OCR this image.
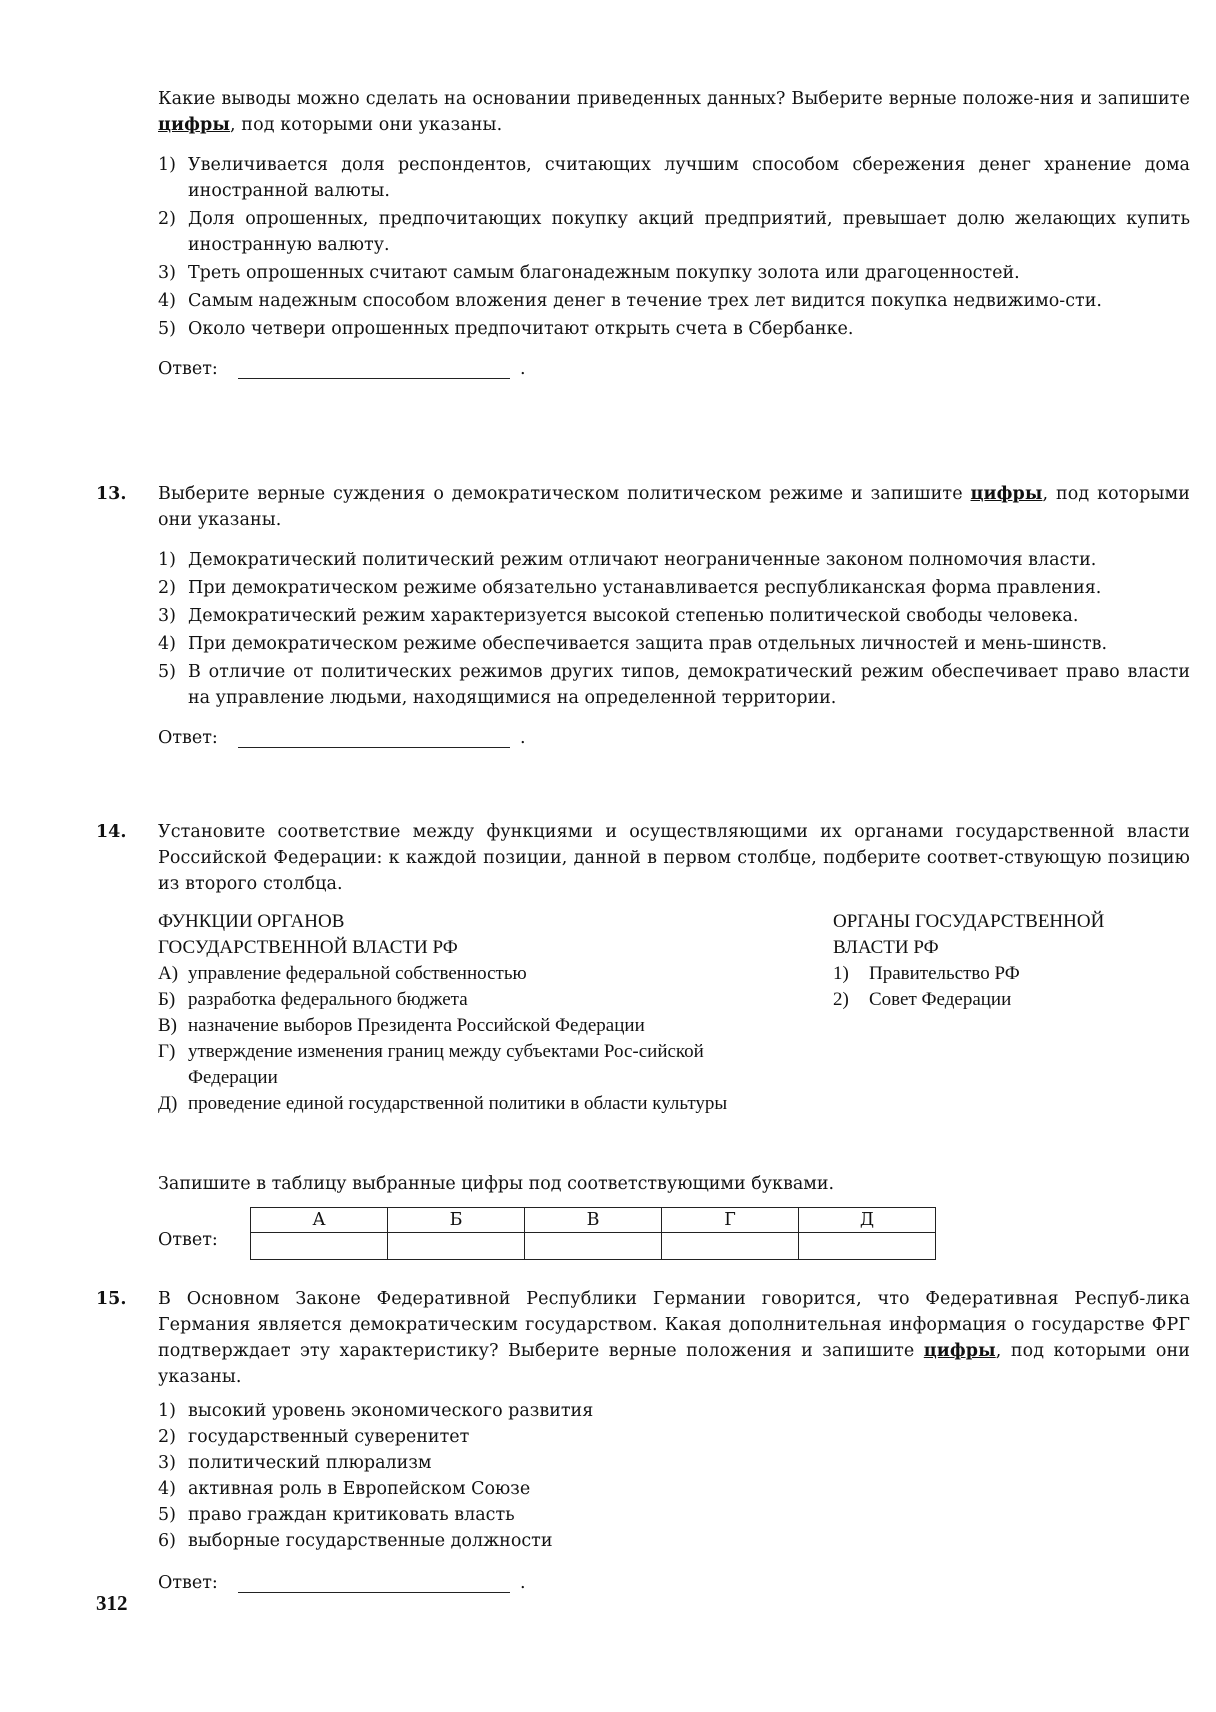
Какие выводы можно сделать на основании приведенных данных? Выберите верные положе-ния и запишите цифры, под которыми они указаны.

1) Увеличивается доля респондентов, считающих лучшим способом сбережения денег хранение дома иностранной валюты.
2) Доля опрошенных, предпочитающих покупку акций предприятий, превышает долю желающих купить иностранную валюту.
3) Треть опрошенных считают самым благонадежным покупку золота или драгоценностей.
4) Самым надежным способом вложения денег в течение трех лет видится покупка недвижимо-сти.
5) Около четвери опрошенных предпочитают открыть счета в Сбербанке.
Ответ:	.
13. Выберите верные суждения о демократическом политическом режиме и запишите цифры, под которыми они указаны.

1) Демократический политический режим отличают неограниченные законом полномочия власти.
2) При демократическом режиме обязательно устанавливается республиканская форма правления.
3) Демократический режим характеризуется высокой степенью политической свободы человека.
4) При демократическом режиме обеспечивается защита прав отдельных личностей и мень-шинств.
5) В отличие от политических режимов других типов, демократический режим обеспечивает право власти на управление людьми, находящимися на определенной территории.
Ответ:	.
14. Установите соответствие между функциями и осуществляющими их органами государственной власти Российской Федерации: к каждой позиции, данной в первом столбце, подберите соответ-ствующую позицию из второго столбца.

ФУНКЦИИ ОРГАНОВ

ГОСУДАРСТВЕННОЙ ВЛАСТИ РФ

А) управление федеральной собственностью
Б) разработка федерального бюджета
В) назначение выборов Президента Российской Федерации
Г) утверждение изменения границ между субъектами Рос-сийской Федерации
Д) проведение единой государственной политики в области культуры

ОРГАНЫ ГОСУДАРСТВЕННОЙ

ВЛАСТИ РФ

1) Правительство РФ
2) Совет Федерации

Запишите в таблицу выбранные цифры под соответствующими буквами.

Ответ:
А	Б	В	Г	Д

15. В Основном Законе Федеративной Республики Германии говорится, что Федеративная Респуб-лика Германия является демократическим государством. Какая дополнительная информация о государстве ФРГ подтверждает эту характеристику? Выберите верные положения и запишите цифры, под которыми они указаны.

1) высокий уровень экономического развития
2) государственный суверенитет
3) политический плюрализм
4) активная роль в Европейском Союзе
5) право граждан критиковать власть
6) выборные государственные должности
Ответ:	.
312
